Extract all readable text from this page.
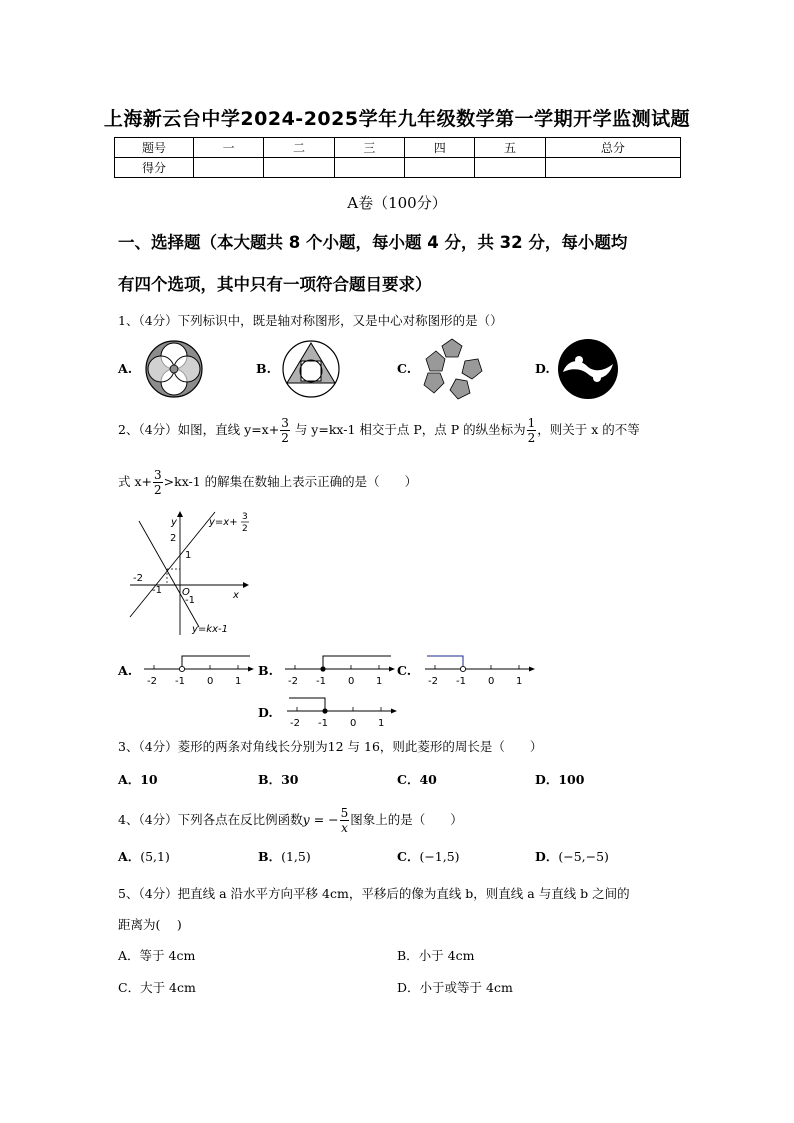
上海新云台中学2024-2025学年九年级数学第一学期开学监测试题
题号	一	二	三	四	五	总分
得分						
A卷（100分）
一、选择题（本大题共 8 个小题，每小题 4 分，共 32 分，每小题均
有四个选项，其中只有一项符合题目要求）
1、（4分）下列标识中，既是轴对称图形，又是中心对称图形的是（）
A.	B.	C.	D.
2、（4分）如图，直线 $y=x+ \frac{3}{2}$ 与 y=kx-1 相交于点 P，点 P 的纵坐标为 $\frac{1}{2}$ ，则关于 x 的不等
式 $x+ \frac{3}{2} >kx-1$ 的解集在数轴上表示正确的是（　　）
y
x
O
2
1
-1
-2
-1
y=x+ 3
2
y=kx-1
A.
-2 -1 0 1
B.
-2 -1 0 1
C.
-2 -1 0 1
D.
-2 -1 0 1
3、（4分）菱形的两条对角线长分别为12 与 16，则此菱形的周长是（　　）
A．10	B．30	C．40	D．100
4、（4分）下列各点在反比例函数y = − $\frac{5}{x}$ 图象上的是（　　）
A．(5,1)	B．(1,5)	C．(−1,5)	D．(−5,−5)
5、（4分）把直线 a 沿水平方向平移 4cm，平移后的像为直线 b，则直线 a 与直线 b 之间的
距离为(　 )
A．等于 4cm	B．小于 4cm
C．大于 4cm	D．小于或等于 4cm
